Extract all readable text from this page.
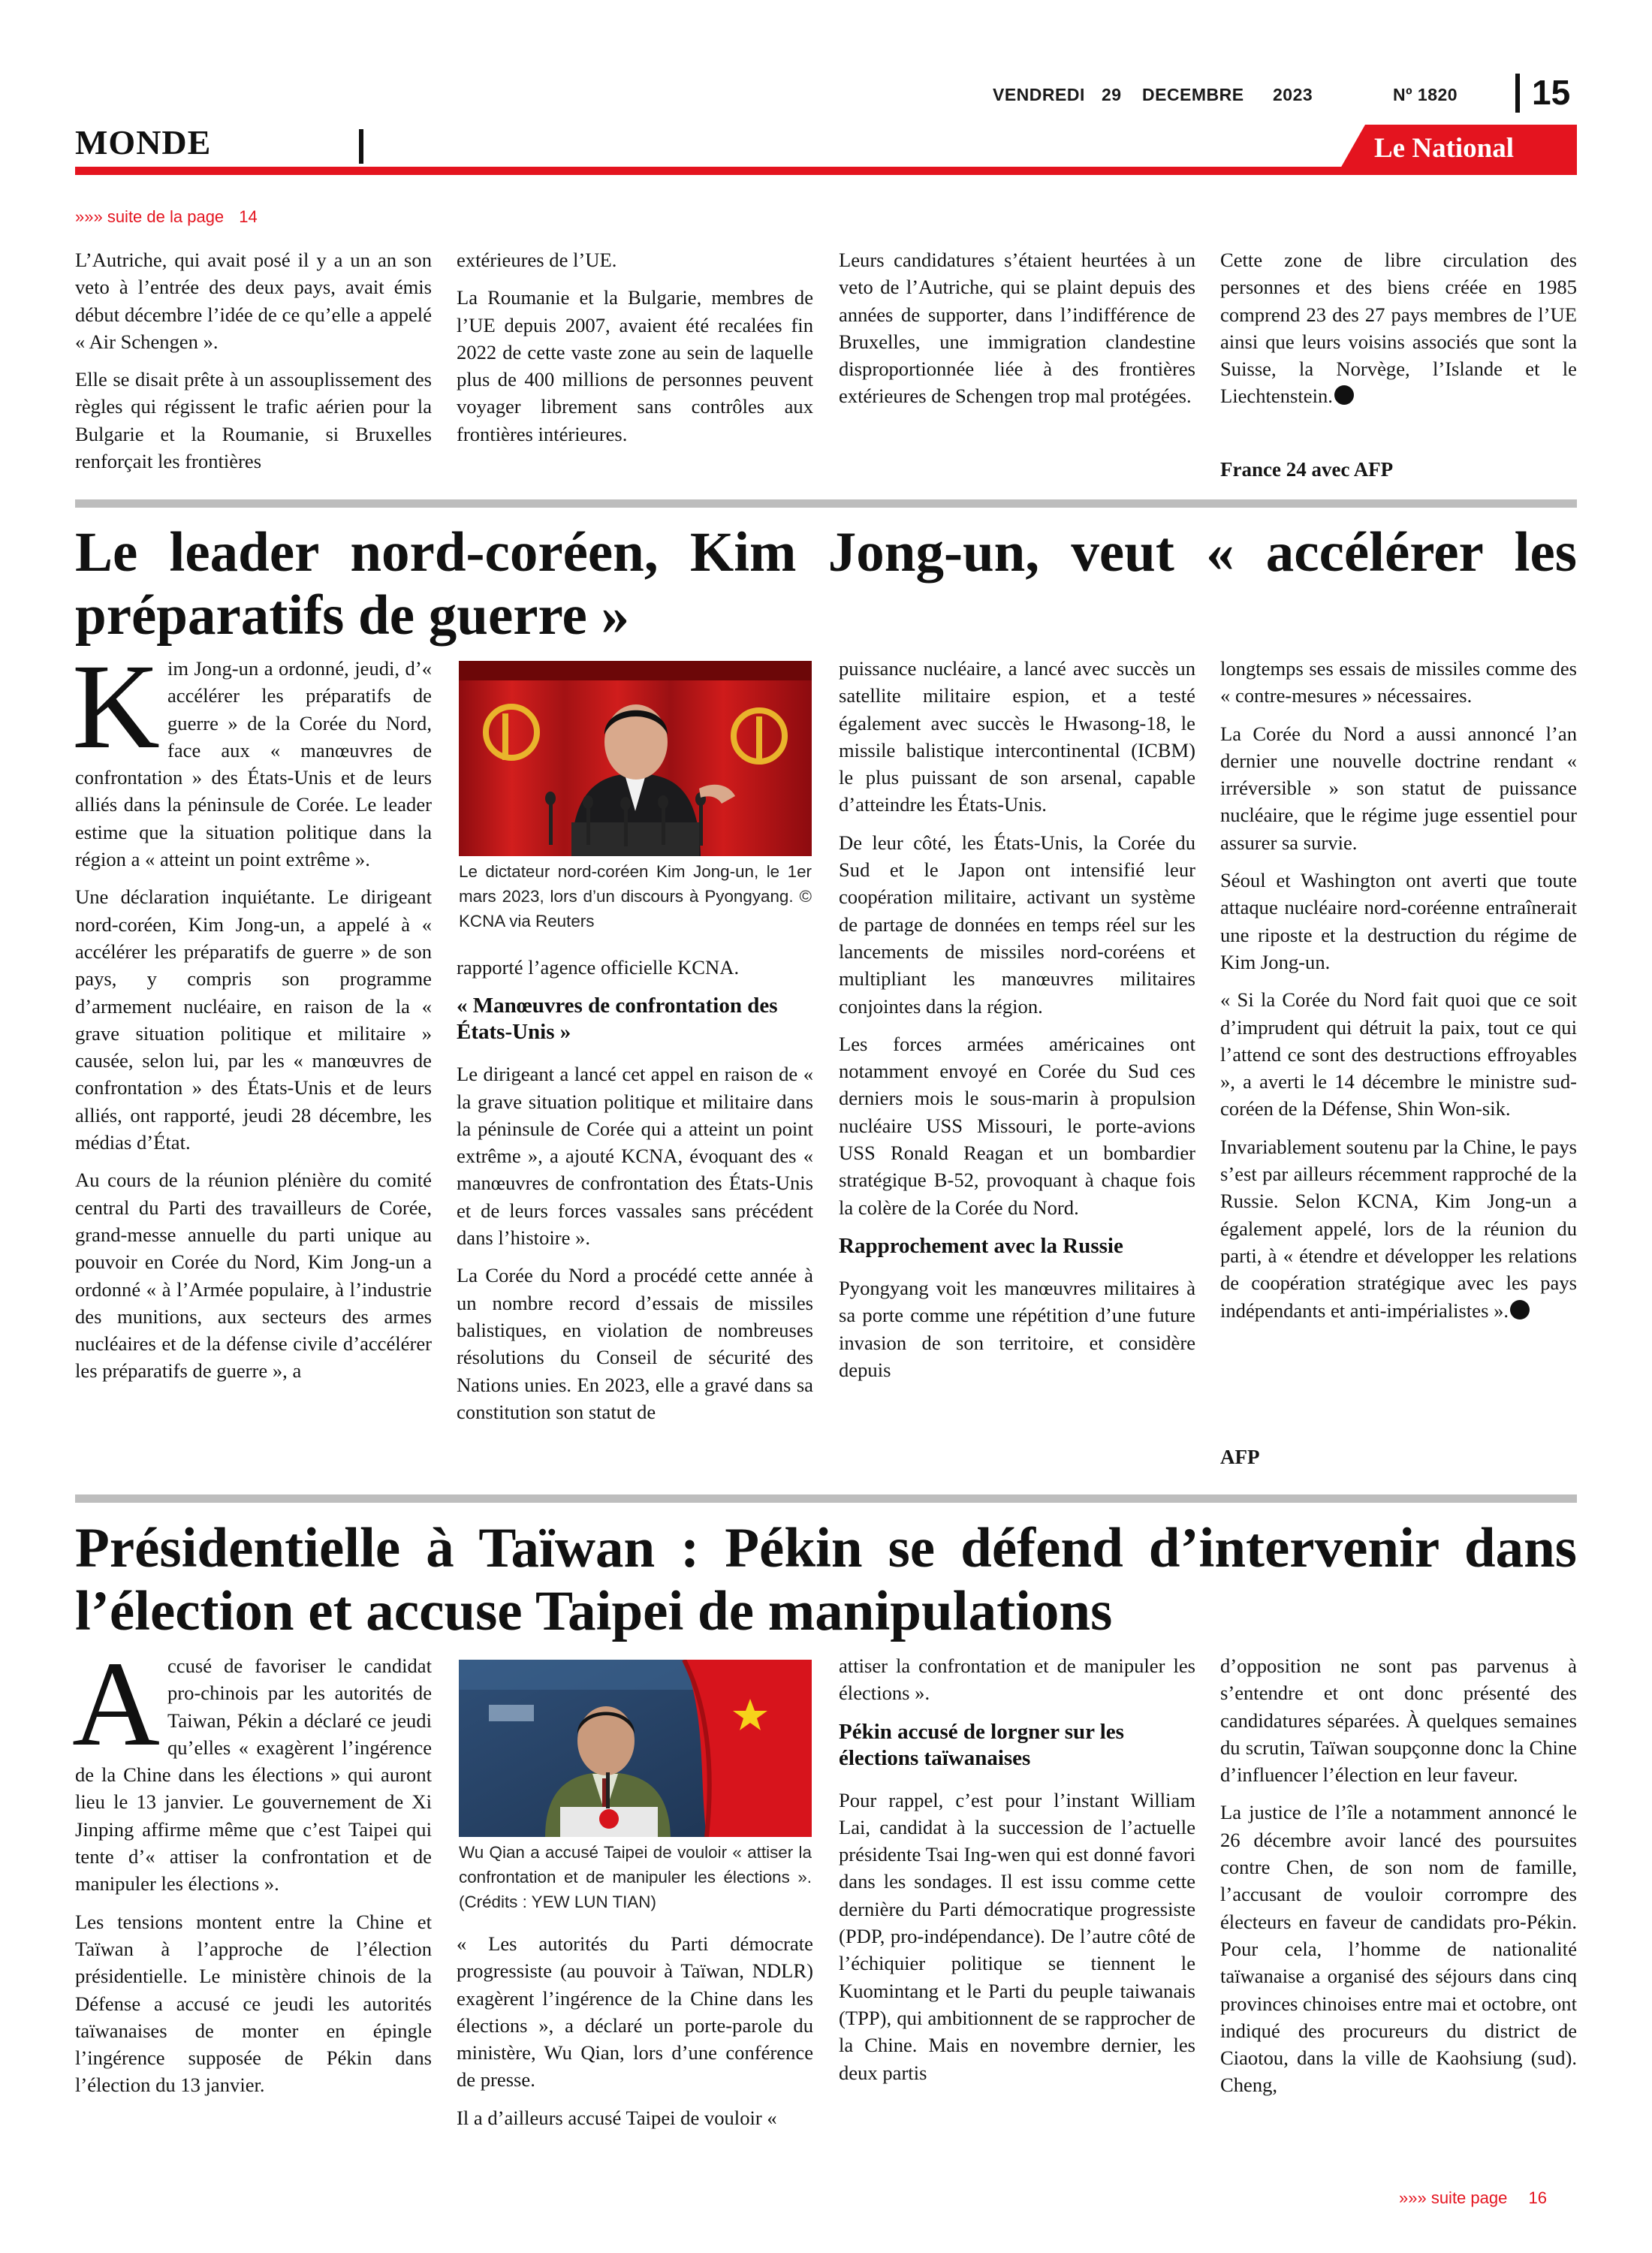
VENDREDI 29 DECEMBRE 2023	Nº 1820 15
MONDE	Le National
»»» suite de la page 14

L’Autriche, qui avait posé il y a un an son veto à l’entrée des deux pays, avait émis début décembre l’idée de ce qu’elle a appelé « Air Schengen ».

Elle se disait prête à un assouplissement des règles qui régissent le trafic aérien pour la Bulgarie et la Roumanie, si Bruxelles renforçait les frontières

extérieures de l’UE.

La Roumanie et la Bulgarie, membres de l’UE depuis 2007, avaient été recalées fin 2022 de cette vaste zone au sein de laquelle plus de 400 millions de personnes peuvent voyager librement sans contrôles aux frontières intérieures.

Leurs candidatures s’étaient heurtées à un veto de l’Autriche, qui se plaint depuis des années de supporter, dans l’indifférence de Bruxelles, une immigration clandestine disproportionnée liée à des frontières extérieures de Schengen trop mal protégées.

Cette zone de libre circulation des personnes et des biens créée en 1985 comprend 23 des 27 pays membres de l’UE ainsi que leurs voisins associés que sont la Suisse, la Norvège, l’Islande et le Liechtenstein.

France 24 avec AFP
Le leader nord-coréen, Kim Jong-un, veut « accélérer les préparatifs de guerre »

Kim Jong-un a ordonné, jeudi, d’« accélérer les préparatifs de guerre » de la Corée du Nord, face aux « manœuvres de confrontation » des États-Unis et de leurs alliés dans la péninsule de Corée. Le leader estime que la situation politique dans la région a « atteint un point extrême ».

Une déclaration inquiétante. Le dirigeant nord-coréen, Kim Jong-un, a appelé à « accélérer les préparatifs de guerre » de son pays, y compris son programme d’armement nucléaire, en raison de la « grave situation politique et militaire » causée, selon lui, par les « manœuvres de confrontation » des États-Unis et de leurs alliés, ont rapporté, jeudi 28 décembre, les médias d’État.

Au cours de la réunion plénière du comité central du Parti des travailleurs de Corée, grand-messe annuelle du parti unique au pouvoir en Corée du Nord, Kim Jong-un a ordonné « à l’Armée populaire, à l’industrie des munitions, aux secteurs des armes nucléaires et de la défense civile d’accélérer les préparatifs de guerre », a

Le dictateur nord-coréen Kim Jong-un, le 1er mars 2023, lors d’un discours à Pyongyang. © KCNA via Reuters

rapporté l’agence officielle KCNA.

« Manœuvres de confrontation des États-Unis »

Le dirigeant a lancé cet appel en raison de « la grave situation politique et militaire dans la péninsule de Corée qui a atteint un point extrême », a ajouté KCNA, évoquant des « manœuvres de confrontation des États-Unis et de leurs forces vassales sans précédent dans l’histoire ».

La Corée du Nord a procédé cette année à un nombre record d’essais de missiles balistiques, en violation de nombreuses résolutions du Conseil de sécurité des Nations unies. En 2023, elle a gravé dans sa constitution son statut de

puissance nucléaire, a lancé avec succès un satellite militaire espion, et a testé également avec succès le Hwasong-18, le missile balistique intercontinental (ICBM) le plus puissant de son arsenal, capable d’atteindre les États-Unis.

De leur côté, les États-Unis, la Corée du Sud et le Japon ont intensifié leur coopération militaire, activant un système de partage de données en temps réel sur les lancements de missiles nord-coréens et multipliant les manœuvres militaires conjointes dans la région.

Les forces armées américaines ont notamment envoyé en Corée du Sud ces derniers mois le sous-marin à propulsion nucléaire USS Missouri, le porte-avions USS Ronald Reagan et un bombardier stratégique B-52, provoquant à chaque fois la colère de la Corée du Nord.

Rapprochement avec la Russie

Pyongyang voit les manœuvres militaires à sa porte comme une répétition d’une future invasion de son territoire, et considère depuis

longtemps ses essais de missiles comme des « contre-mesures » nécessaires.

La Corée du Nord a aussi annoncé l’an dernier une nouvelle doctrine rendant « irréversible » son statut de puissance nucléaire, que le régime juge essentiel pour assurer sa survie.

Séoul et Washington ont averti que toute attaque nucléaire nord-coréenne entraînerait une riposte et la destruction du régime de Kim Jong-un.

« Si la Corée du Nord fait quoi que ce soit d’imprudent qui détruit la paix, tout ce qui l’attend ce sont des destructions effroyables », a averti le 14 décembre le ministre sud-coréen de la Défense, Shin Won-sik.

Invariablement soutenu par la Chine, le pays s’est par ailleurs récemment rapproché de la Russie. Selon KCNA, Kim Jong-un a également appelé, lors de la réunion du parti, à « étendre et développer les relations de coopération stratégique avec les pays indépendants et anti-impérialistes ».

AFP
Présidentielle à Taïwan : Pékin se défend d’intervenir dans l’élection et accuse Taipei de manipulations

Accusé de favoriser le candidat pro-chinois par les autorités de Taiwan, Pékin a déclaré ce jeudi qu’elles « exagèrent l’ingérence de la Chine dans les élections » qui auront lieu le 13 janvier. Le gouvernement de Xi Jinping affirme même que c’est Taipei qui tente d’« attiser la confrontation et de manipuler les élections ».

Les tensions montent entre la Chine et Taïwan à l’approche de l’élection présidentielle. Le ministère chinois de la Défense a accusé ce jeudi les autorités taïwanaises de monter en épingle l’ingérence supposée de Pékin dans l’élection du 13 janvier.

Wu Qian a accusé Taipei de vouloir « attiser la confrontation et de manipuler les élections ». (Crédits : YEW LUN TIAN)

« Les autorités du Parti démocrate progressiste (au pouvoir à Taïwan, NDLR) exagèrent l’ingérence de la Chine dans les élections », a déclaré un porte-parole du ministère, Wu Qian, lors d’une conférence de presse.

Il a d’ailleurs accusé Taipei de vouloir «

attiser la confrontation et de manipuler les élections ».

Pékin accusé de lorgner sur les élections taïwanaises

Pour rappel, c’est pour l’instant William Lai, candidat à la succession de l’actuelle présidente Tsai Ing-wen qui est donné favori dans les sondages. Il est issu comme cette dernière du Parti démocratique progressiste (PDP, pro-indépendance). De l’autre côté de l’échiquier politique se tiennent le Kuomintang et le Parti du peuple taiwanais (TPP), qui ambitionnent de se rapprocher de la Chine. Mais en novembre dernier, les deux partis

d’opposition ne sont pas parvenus à s’entendre et ont donc présenté des candidatures séparées. À quelques semaines du scrutin, Taïwan soupçonne donc la Chine d’influencer l’élection en leur faveur.

La justice de l’île a notamment annoncé le 26 décembre avoir lancé des poursuites contre Chen, de son nom de famille, l’accusant de vouloir corrompre des électeurs en faveur de candidats pro-Pékin. Pour cela, l’homme de nationalité taïwanaise a organisé des séjours dans cinq provinces chinoises entre mai et octobre, ont indiqué des procureurs du district de Ciaotou, dans la ville de Kaohsiung (sud). Cheng,

»»» suite page 16
